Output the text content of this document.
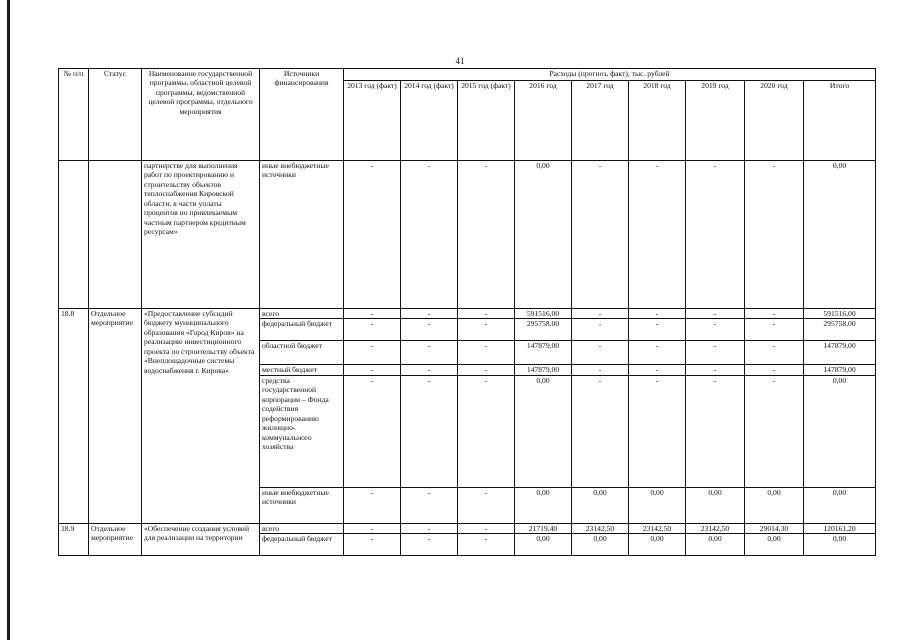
41
№ п/п	Статус	Наименование государственной программы, областной целевой программы, ведомственной целевой программы, отдельного мероприятия	Источники финансирования	Расходы (прогноз, факт), тыс. рублей								
				2013 год (факт)	2014 год (факт)	2015 год (факт)	2016 год	2017 год	2018 год	2019 год	2020 год	Итого
		партнерстве для выполнения работ по проектированию и строительству объектов теплоснабжения Кировской области, в части уплаты процентов по привлекаемым частным партнером кредитным ресурсам»	иные внебюджетные источники	-	-	-	0,00	-	-	-	-	0,00
18.8	Отдельное мероприятие	«Предоставление субсидий бюджету муниципального образования «Город Киров» на реализацию инвестиционного проекта по строительству объекта «Внеплощадочные системы водоснабжения г. Кирова»	всего	-	-	-	591516,00	-	-	-	-	591516,00
			федеральный бюджет	-	-	-	295758,00	-	-	-	-	295758,00
			областной бюджет	-	-	-	147879,00	-	-	-	-	147879,00
			местный бюджет	-	-	-	147879,00	-	-	-	-	147879,00
			средства государственной корпорации – Фонда содействия реформированию жилищно-коммунального хозяйства	-	-	-	0,00	-	-	-	-	0,00
			иные внебюджетные источники	-	-	-	0,00	0,00	0,00	0,00	0,00	0,00
18.9	Отдельное мероприятие	«Обеспечение создания условий для реализации на территории	всего	-	-	-	21719,40	23142,50	23142,50	23142,50	29014,30	120161,20
			федеральный бюджет	-	-	-	0,00	0,00	0,00	0,00	0,00	0,00
